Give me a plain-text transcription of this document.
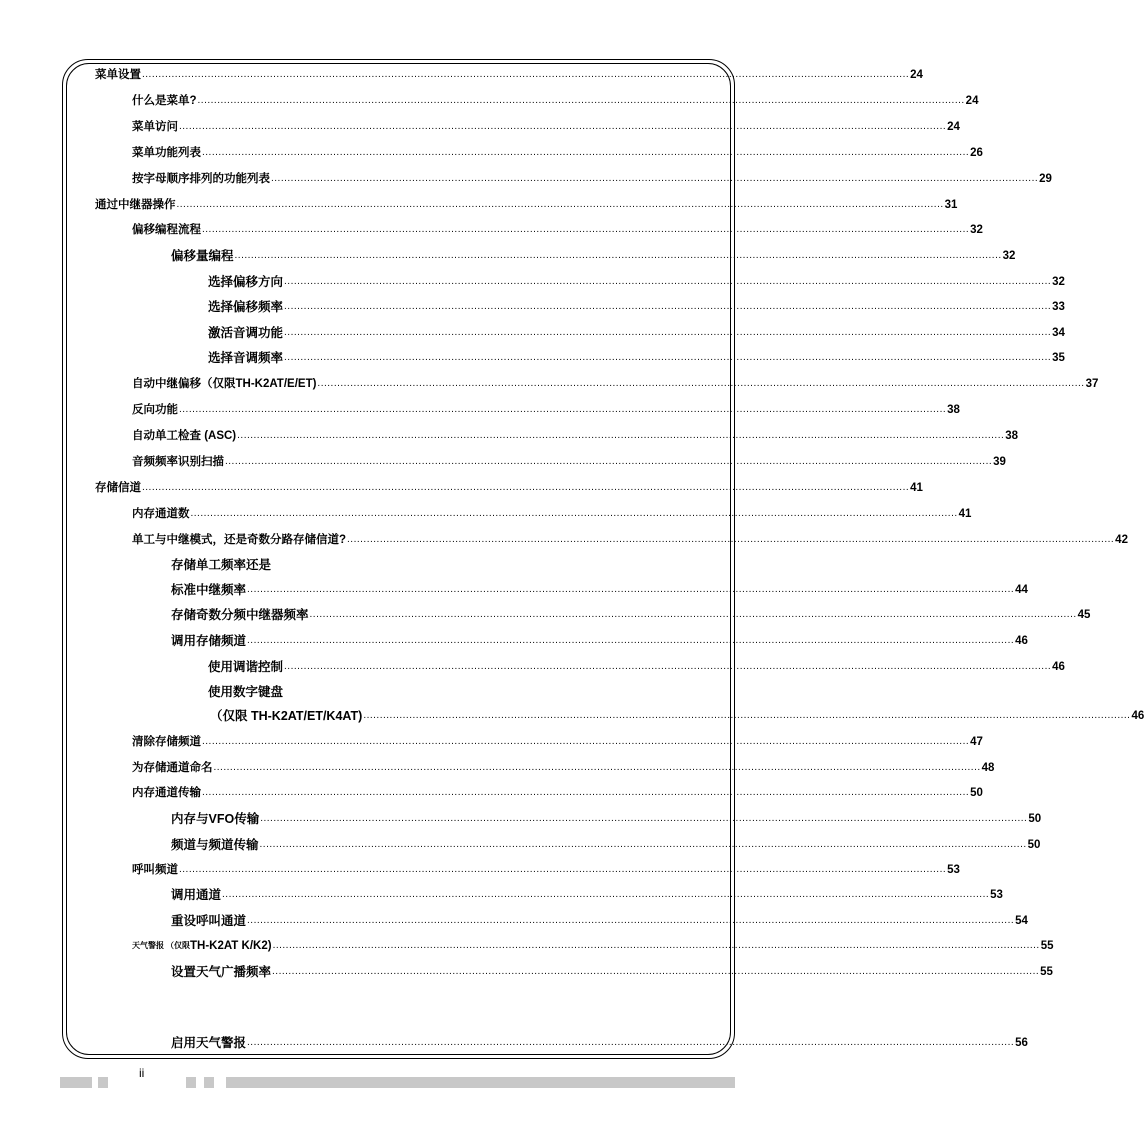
菜单设置 .......................................................................................................................................................................................................................................... 24
什么是菜单? .......................................................................................................................................................................................................................................... 24
菜单访问 .......................................................................................................................................................................................................................................... 24
菜单功能列表 .......................................................................................................................................................................................................................................... 26
按字母顺序排列的功能列表 .......................................................................................................................................................................................................................................... 29
通过中继器操作 .......................................................................................................................................................................................................................................... 31
偏移编程流程 .......................................................................................................................................................................................................................................... 32
偏移量编程 .......................................................................................................................................................................................................................................... 32
选择偏移方向 .......................................................................................................................................................................................................................................... 32
选择偏移频率 .......................................................................................................................................................................................................................................... 33
激活音调功能 .......................................................................................................................................................................................................................................... 34
选择音调频率 .......................................................................................................................................................................................................................................... 35
自动中继偏移（仅限TH-K2AT/E/ET) .......................................................................................................................................................................................................................................... 37
反向功能 .......................................................................................................................................................................................................................................... 38
自动单工检查 (ASC) .......................................................................................................................................................................................................................................... 38
音频频率识别扫描 .......................................................................................................................................................................................................................................... 39
存储信道 .......................................................................................................................................................................................................................................... 41
内存通道数 .......................................................................................................................................................................................................................................... 41
单工与中继模式，还是奇数分路存储信道? .......................................................................................................................................................................................................................................... 42
存储单工频率还是
标准中继频率 .......................................................................................................................................................................................................................................... 44
存储奇数分频中继器频率 .......................................................................................................................................................................................................................................... 45
调用存储频道 .......................................................................................................................................................................................................................................... 46
使用调谐控制 .......................................................................................................................................................................................................................................... 46
使用数字键盘
（仅限 TH-K2AT/ET/K4AT) .......................................................................................................................................................................................................................................... 46
清除存储频道 .......................................................................................................................................................................................................................................... 47
为存储通道命名 .......................................................................................................................................................................................................................................... 48
内存通道传输 .......................................................................................................................................................................................................................................... 50
内存与VFO传输 .......................................................................................................................................................................................................................................... 50
频道与频道传输 .......................................................................................................................................................................................................................................... 50
呼叫频道 .......................................................................................................................................................................................................................................... 53
调用通道 .......................................................................................................................................................................................................................................... 53
重设呼叫通道 .......................................................................................................................................................................................................................................... 54
天气警报 （仅限 TH-K2AT K/K2) .......................................................................................................................................................................................................................................... 55
设置天气广播频率 .......................................................................................................................................................................................................................................... 55
启用天气警报 .......................................................................................................................................................................................................................................... 56
ii
